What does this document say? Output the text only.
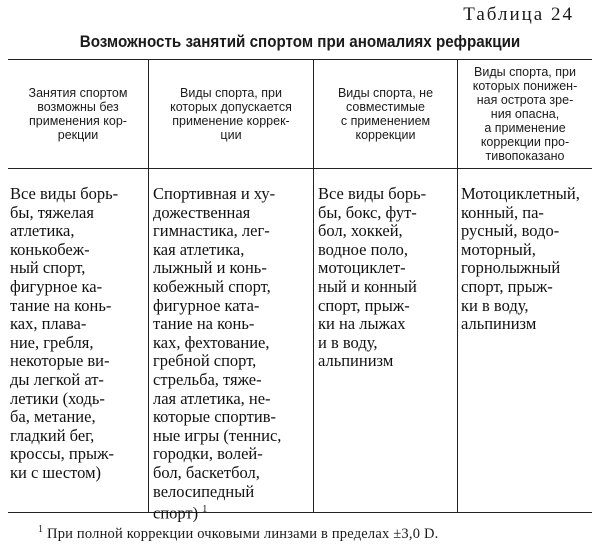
Таблица 24
Возможность занятий спортом при аномалиях рефракции
Занятия спортом
возможны без
применения кор-
рекции
Виды спорта, при
которых допускается
применение коррек-
ции
Виды спорта, не
совместимые
с применением
коррекции
Виды спорта, при
которых понижен-
ная острота зре-
ния опасна,
а применение
коррекции про-
тивопоказано
Все виды борь-
бы, тяжелая
атлетика,
конькобеж-
ный спорт,
фигурное ка-
тание на конь-
ках, плава-
ние, гребля,
некоторые ви-
ды легкой ат-
летики (ходь-
ба, метание,
гладкий бег,
кроссы, прыж-
ки с шестом)
Спортивная и ху-
дожественная
гимнастика, лег-
кая атлетика,
лыжный и конь-
кобежный спорт,
фигурное ката-
тание на конь-
ках, фехтование,
гребной спорт,
стрельба, тяже-
лая атлетика, не-
которые спортив-
ные игры (теннис,
городки, волей-
бол, баскетбол,
велосипедный
спорт) $^1$
Все виды борь-
бы, бокс, фут-
бол, хоккей,
водное поло,
мотоциклет-
ный и конный
спорт, прыж-
ки на лыжах
и в воду,
альпинизм
Мотоциклетный,
конный, па-
русный, водо-
моторный,
горнолыжный
спорт, прыж-
ки в воду,
альпинизм
$^1$ При полной коррекции очковыми линзами в пределах ±3,0 D.
